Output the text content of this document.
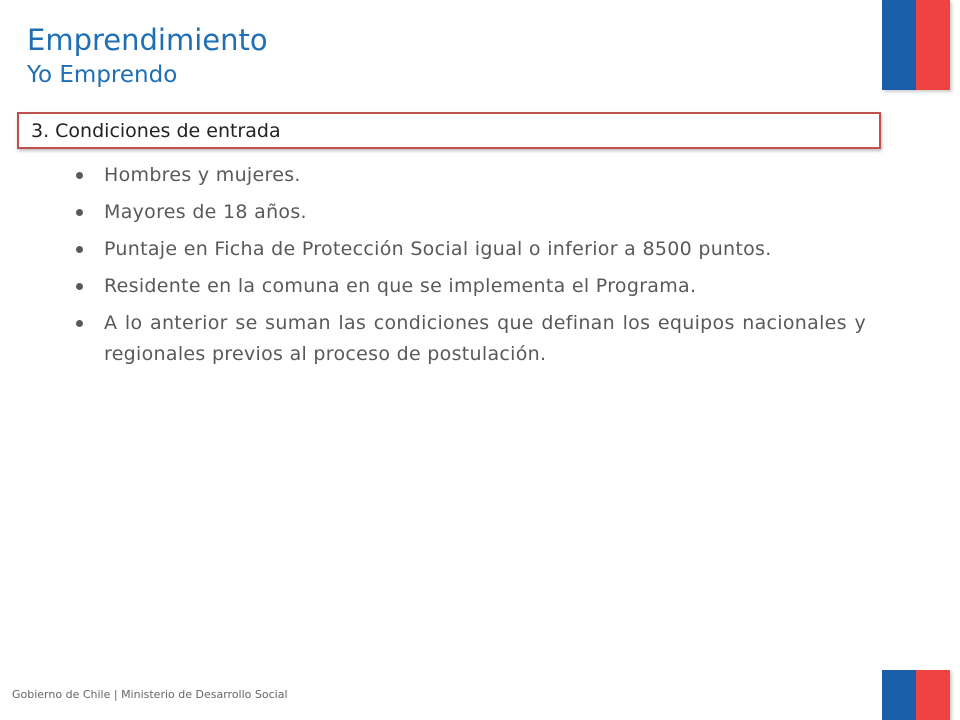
Emprendimiento
Yo Emprendo
3. Condiciones de entrada
Hombres y mujeres.
Mayores de 18 años.
Puntaje en Ficha de Protección Social igual o inferior a 8500 puntos.
Residente en la comuna en que se implementa el Programa.
A lo anterior se suman las condiciones que definan los equipos nacionales y regionales previos al proceso de postulación.
Gobierno de Chile | Ministerio de Desarrollo Social
